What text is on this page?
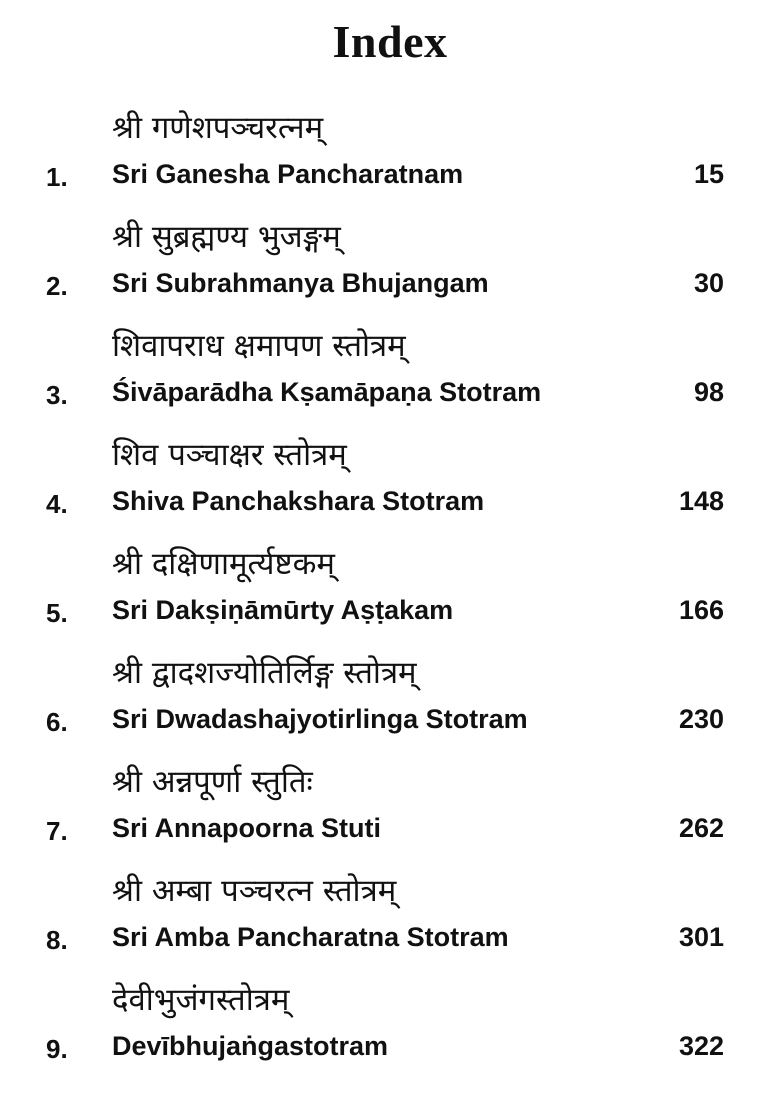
Index
श्री गणेशपञ्चरत्नम्
1. Sri Ganesha Pancharatnam	15
श्री सुब्रह्मण्य भुजङ्गम्
2. Sri Subrahmanya Bhujangam	30
शिवापराध क्षमापण स्तोत्रम्
3. Śivāparādha Kṣamāpaṇa Stotram	98
शिव पञ्चाक्षर स्तोत्रम्
4. Shiva Panchakshara Stotram	148
श्री दक्षिणामूर्त्यष्टकम्
5. Sri Dakṣiṇāmūrty Aṣṭakam	166
श्री द्वादशज्योतिर्लिङ्ग स्तोत्रम्
6. Sri Dwadashajyotirlinga Stotram	230
श्री अन्नपूर्णा स्तुतिः
7. Sri Annapoorna Stuti	262
श्री अम्बा पञ्चरत्न स्तोत्रम्
8. Sri Amba Pancharatna Stotram	301
देवीभुजंगस्तोत्रम्
9. Devībhujaṅgastotram	322
